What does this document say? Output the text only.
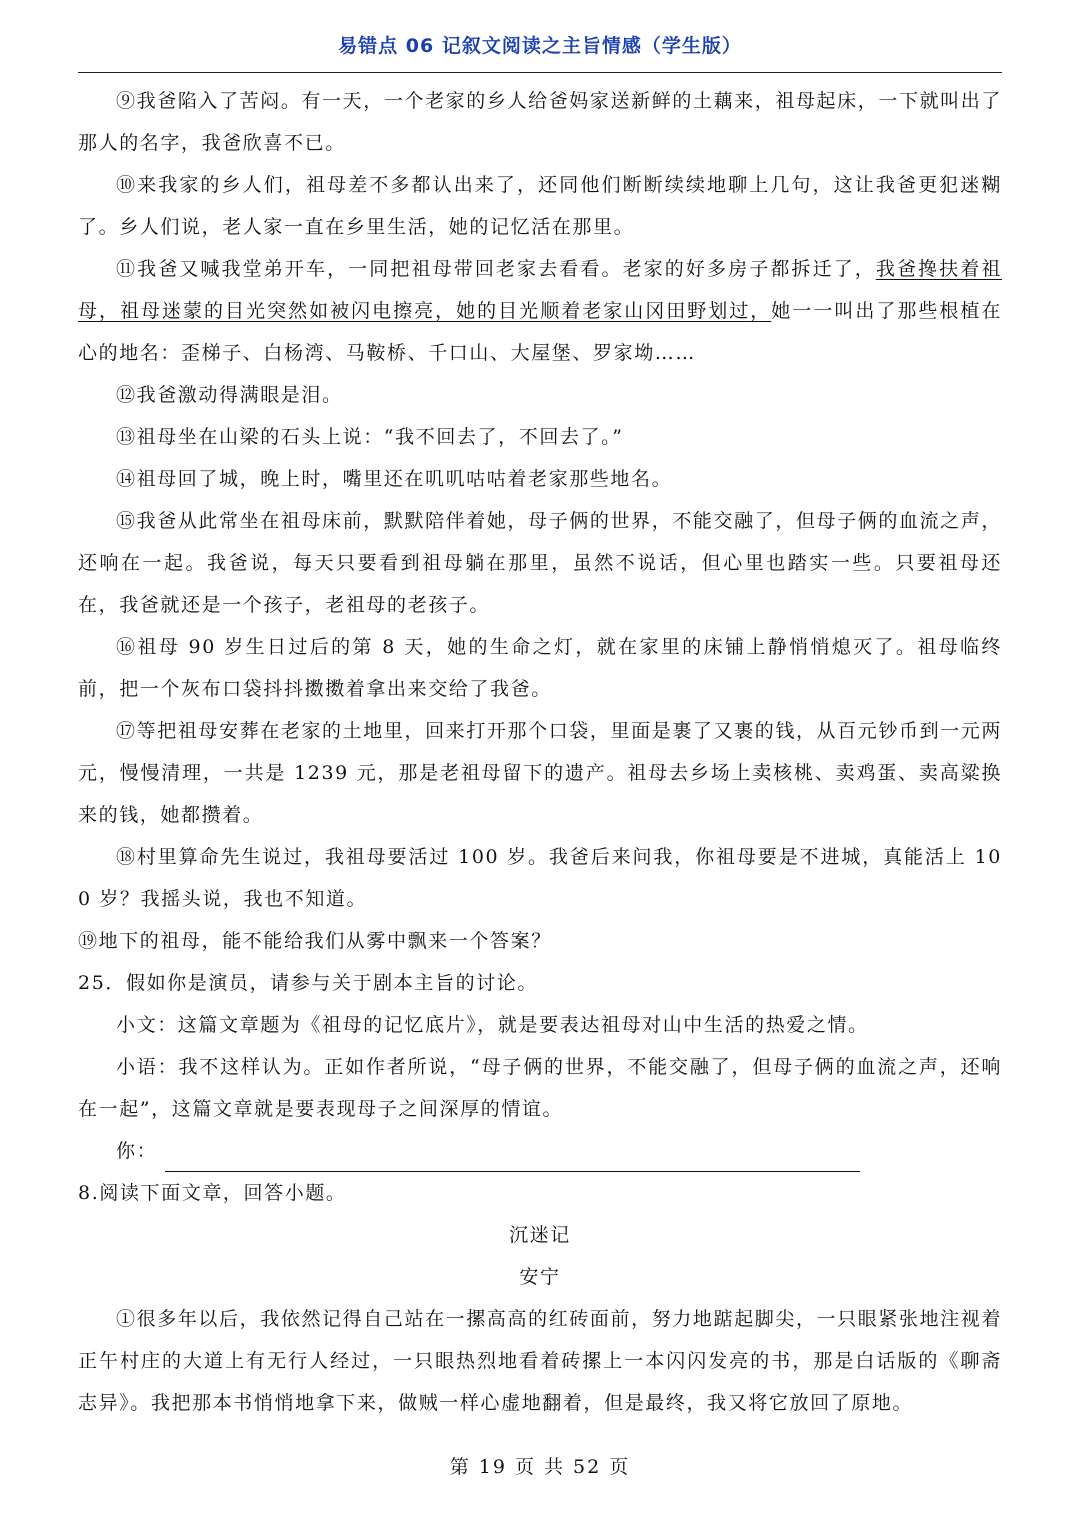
易错点 06 记叙文阅读之主旨情感（学生版）

⑨我爸陷入了苦闷。有一天，一个老家的乡人给爸妈家送新鲜的土藕来，祖母起床，一下就叫出了那人的名字，我爸欣喜不已。

⑩来我家的乡人们，祖母差不多都认出来了，还同他们断断续续地聊上几句，这让我爸更犯迷糊了。乡人们说，老人家一直在乡里生活，她的记忆活在那里。

⑪我爸又喊我堂弟开车，一同把祖母带回老家去看看。老家的好多房子都拆迁了，我爸搀扶着祖母，祖母迷蒙的目光突然如被闪电擦亮，她的目光顺着老家山冈田野划过，她一一叫出了那些根植在心的地名：歪梯子、白杨湾、马鞍桥、千口山、大屋堡、罗家坳……

⑫我爸激动得满眼是泪。

⑬祖母坐在山梁的石头上说：“我不回去了，不回去了。”

⑭祖母回了城，晚上时，嘴里还在叽叽咕咕着老家那些地名。

⑮我爸从此常坐在祖母床前，默默陪伴着她，母子俩的世界，不能交融了，但母子俩的血流之声，还响在一起。我爸说，每天只要看到祖母躺在那里，虽然不说话，但心里也踏实一些。只要祖母还在，我爸就还是一个孩子，老祖母的老孩子。

⑯祖母 90 岁生日过后的第 8 天，她的生命之灯，就在家里的床铺上静悄悄熄灭了。祖母临终前，把一个灰布口袋抖抖擞擞着拿出来交给了我爸。

⑰等把祖母安葬在老家的土地里，回来打开那个口袋，里面是裹了又裹的钱，从百元钞币到一元两元，慢慢清理，一共是 1239 元，那是老祖母留下的遗产。祖母去乡场上卖核桃、卖鸡蛋、卖高粱换来的钱，她都攒着。

⑱村里算命先生说过，我祖母要活过 100 岁。我爸后来问我，你祖母要是不进城，真能活上 100 岁？我摇头说，我也不知道。

⑲地下的祖母，能不能给我们从雾中飘来一个答案？

25．假如你是演员，请参与关于剧本主旨的讨论。

小文：这篇文章题为《祖母的记忆底片》，就是要表达祖母对山中生活的热爱之情。

小语：我不这样认为。正如作者所说，“母子俩的世界，不能交融了，但母子俩的血流之声，还响在一起”，这篇文章就是要表现母子之间深厚的情谊。

你：

8.阅读下面文章，回答小题。

沉迷记

安宁

①很多年以后，我依然记得自己站在一摞高高的红砖面前，努力地踮起脚尖，一只眼紧张地注视着正午村庄的大道上有无行人经过，一只眼热烈地看着砖摞上一本闪闪发亮的书，那是白话版的《聊斋志异》。我把那本书悄悄地拿下来，做贼一样心虚地翻着，但是最终，我又将它放回了原地。

第 19 页 共 52 页
